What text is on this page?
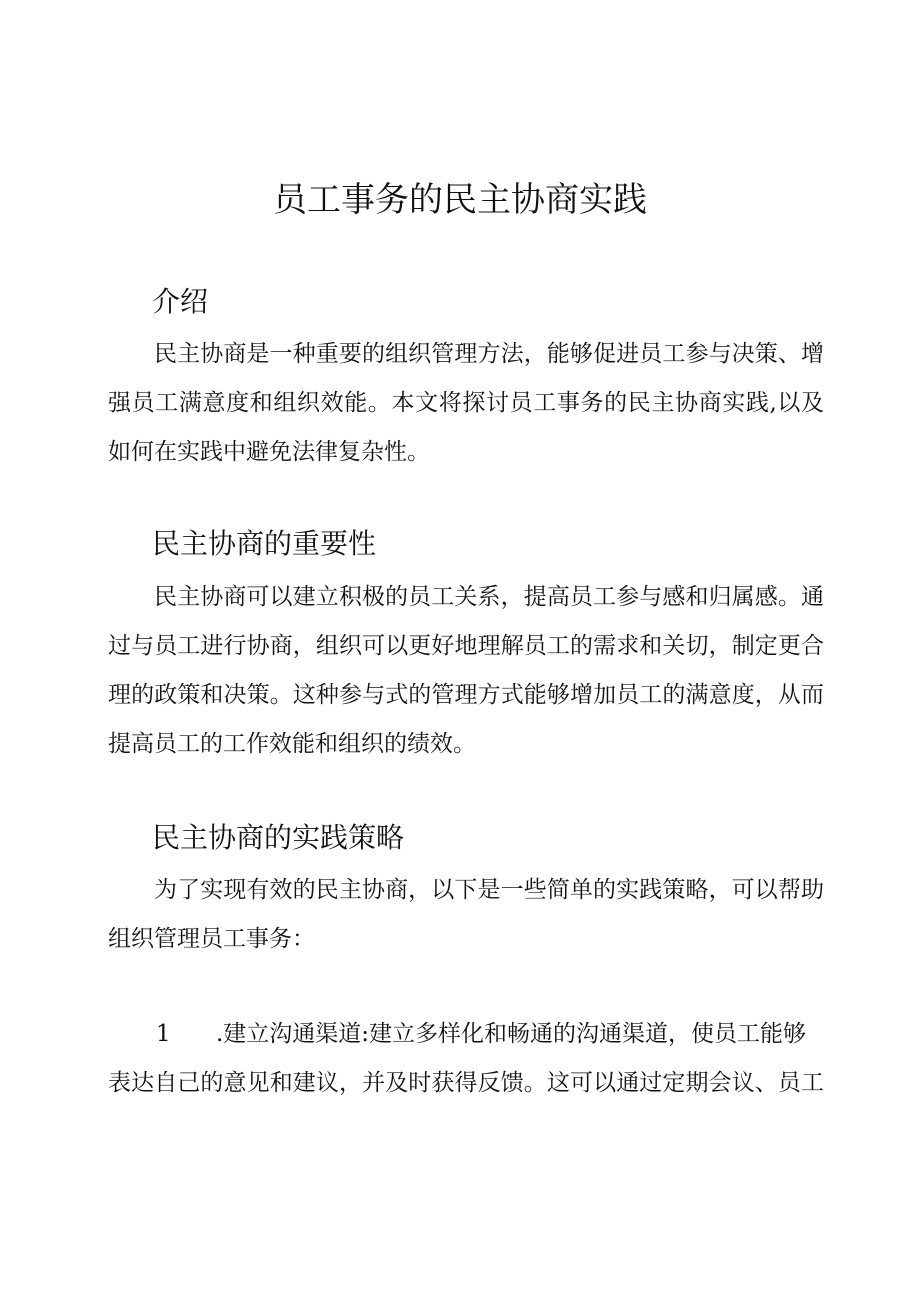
员工事务的民主协商实践
介绍
民主协商是一种重要的组织管理方法，能够促进员工参与决策、增
强员工满意度和组织效能。本文将探讨员工事务的民主协商实践,以及
如何在实践中避免法律复杂性。
民主协商的重要性
民主协商可以建立积极的员工关系，提高员工参与感和归属感。通
过与员工进行协商，组织可以更好地理解员工的需求和关切，制定更合
理的政策和决策。这种参与式的管理方式能够增加员工的满意度，从而
提高员工的工作效能和组织的绩效。
民主协商的实践策略
为了实现有效的民主协商，以下是一些简单的实践策略，可以帮助
组织管理员工事务：
1 .建立沟通渠道:建立多样化和畅通的沟通渠道，使员工能够
表达自己的意见和建议，并及时获得反馈。这可以通过定期会议、员工
